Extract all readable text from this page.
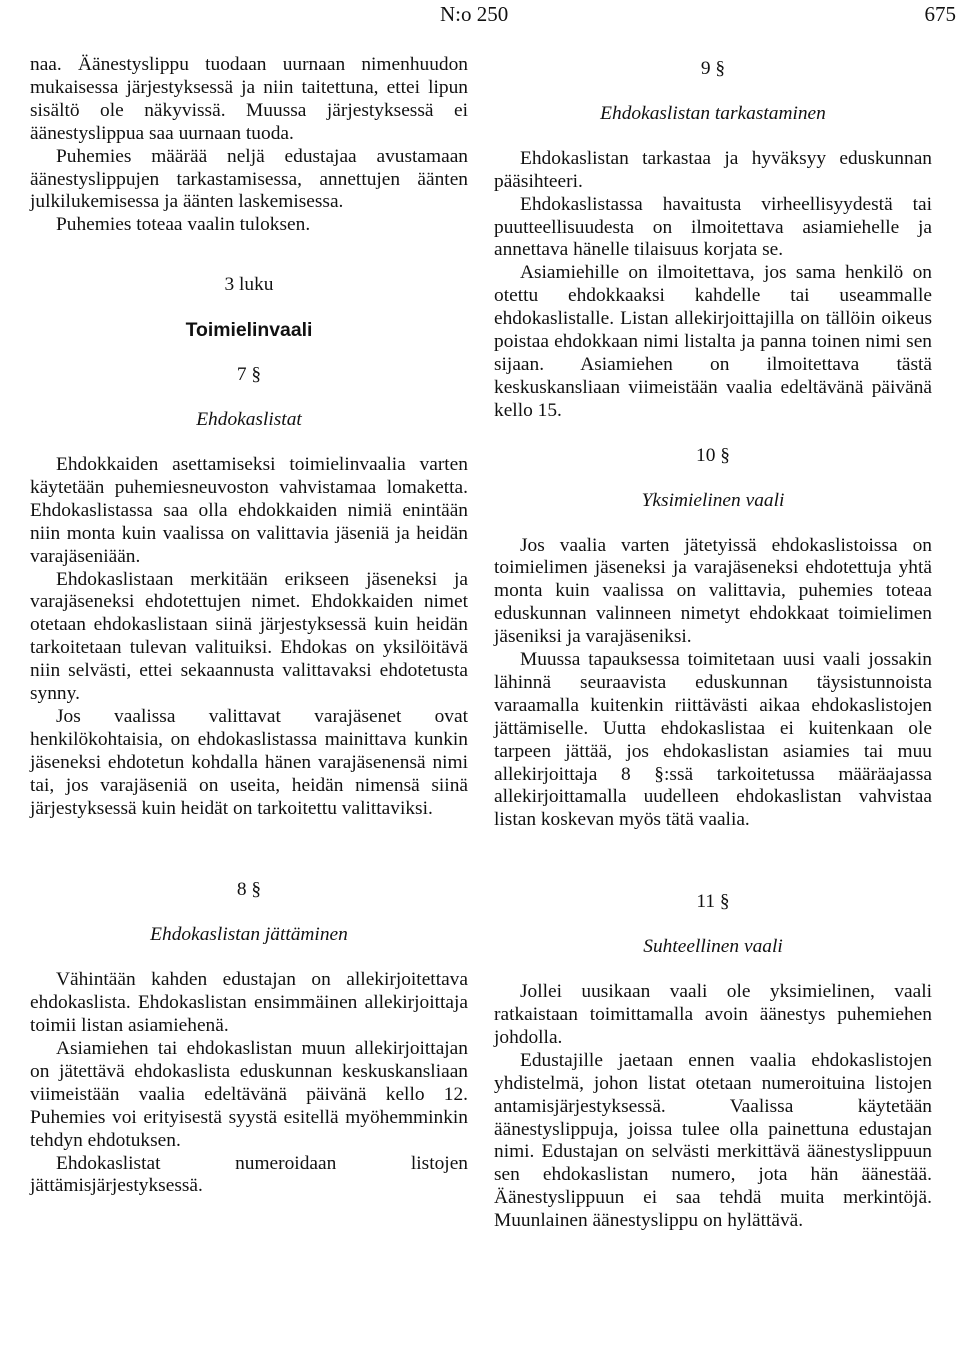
N:o 250	675

naa. Äänestyslippu tuodaan uurnaan nimenhuudon mukaisessa järjestyksessä ja niin taitettuna, ettei lipun sisältö ole näkyvissä. Muussa järjestyksessä ei äänestyslippua saa uurnaan tuoda.

Puhemies määrää neljä edustajaa avustamaan äänestyslippujen tarkastamisessa, annettujen äänten julkilukemisessa ja äänten laskemisessa.

Puhemies toteaa vaalin tuloksen.

3 luku
Toimielinvaali
7 §
Ehdokaslistat

Ehdokkaiden asettamiseksi toimielinvaalia varten käytetään puhemiesneuvoston vahvistamaa lomaketta. Ehdokaslistassa saa olla ehdokkaiden nimiä enintään niin monta kuin vaalissa on valittavia jäseniä ja heidän varajäseniään.

Ehdokaslistaan merkitään erikseen jäseneksi ja varajäseneksi ehdotettujen nimet. Ehdokkaiden nimet otetaan ehdokaslistaan siinä järjestyksessä kuin heidän tarkoitetaan tulevan valituiksi. Ehdokas on yksilöitävä niin selvästi, ettei sekaannusta valittavaksi ehdotetusta synny.

Jos vaalissa valittavat varajäsenet ovat henkilökohtaisia, on ehdokaslistassa mainittava kunkin jäseneksi ehdotetun kohdalla hänen varajäsenensä nimi tai, jos varajäseniä on useita, heidän nimensä siinä järjestyksessä kuin heidät on tarkoitettu valittaviksi.

8 §
Ehdokaslistan jättäminen

Vähintään kahden edustajan on allekirjoitettava ehdokaslista. Ehdokaslistan ensimmäinen allekirjoittaja toimii listan asiamiehenä.

Asiamiehen tai ehdokaslistan muun allekirjoittajan on jätettävä ehdokaslista eduskunnan keskuskansliaan viimeistään vaalia edeltävänä päivänä kello 12. Puhemies voi erityisestä syystä esitellä myöhemminkin tehdyn ehdotuksen.

Ehdokaslistat numeroidaan listojen jättämisjärjestyksessä.

9 §
Ehdokaslistan tarkastaminen

Ehdokaslistan tarkastaa ja hyväksyy eduskunnan pääsihteeri.

Ehdokaslistassa havaitusta virheellisyydestä tai puutteellisuudesta on ilmoitettava asiamiehelle ja annettava hänelle tilaisuus korjata se.

Asiamiehille on ilmoitettava, jos sama henkilö on otettu ehdokkaaksi kahdelle tai useammalle ehdokaslistalle. Listan allekirjoittajilla on tällöin oikeus poistaa ehdokkaan nimi listalta ja panna toinen nimi sen sijaan. Asiamiehen on ilmoitettava tästä keskuskansliaan viimeistään vaalia edeltävänä päivänä kello 15.

10 §
Yksimielinen vaali

Jos vaalia varten jätetyissä ehdokaslistoissa on toimielimen jäseneksi ja varajäseneksi ehdotettuja yhtä monta kuin vaalissa on valittavia, puhemies toteaa eduskunnan valinneen nimetyt ehdokkaat toimielimen jäseniksi ja varajäseniksi.

Muussa tapauksessa toimitetaan uusi vaali jossakin lähinnä seuraavista eduskunnan täysistunnoista varaamalla kuitenkin riittävästi aikaa ehdokaslistojen jättämiselle. Uutta ehdokaslistaa ei kuitenkaan ole tarpeen jättää, jos ehdokaslistan asiamies tai muu allekirjoittaja 8 §:ssä tarkoitetussa määräajassa allekirjoittamalla uudelleen ehdokaslistan vahvistaa listan koskevan myös tätä vaalia.

11 §
Suhteellinen vaali

Jollei uusikaan vaali ole yksimielinen, vaali ratkaistaan toimittamalla avoin äänestys puhemiehen johdolla.

Edustajille jaetaan ennen vaalia ehdokaslistojen yhdistelmä, johon listat otetaan numeroituina listojen antamisjärjestyksessä. Vaalissa käytetään äänestyslippuja, joissa tulee olla painettuna edustajan nimi. Edustajan on selvästi merkittävä äänestyslippuun sen ehdokaslistan numero, jota hän äänestää. Äänestyslippuun ei saa tehdä muita merkintöjä. Muunlainen äänestyslippu on hylättävä.
